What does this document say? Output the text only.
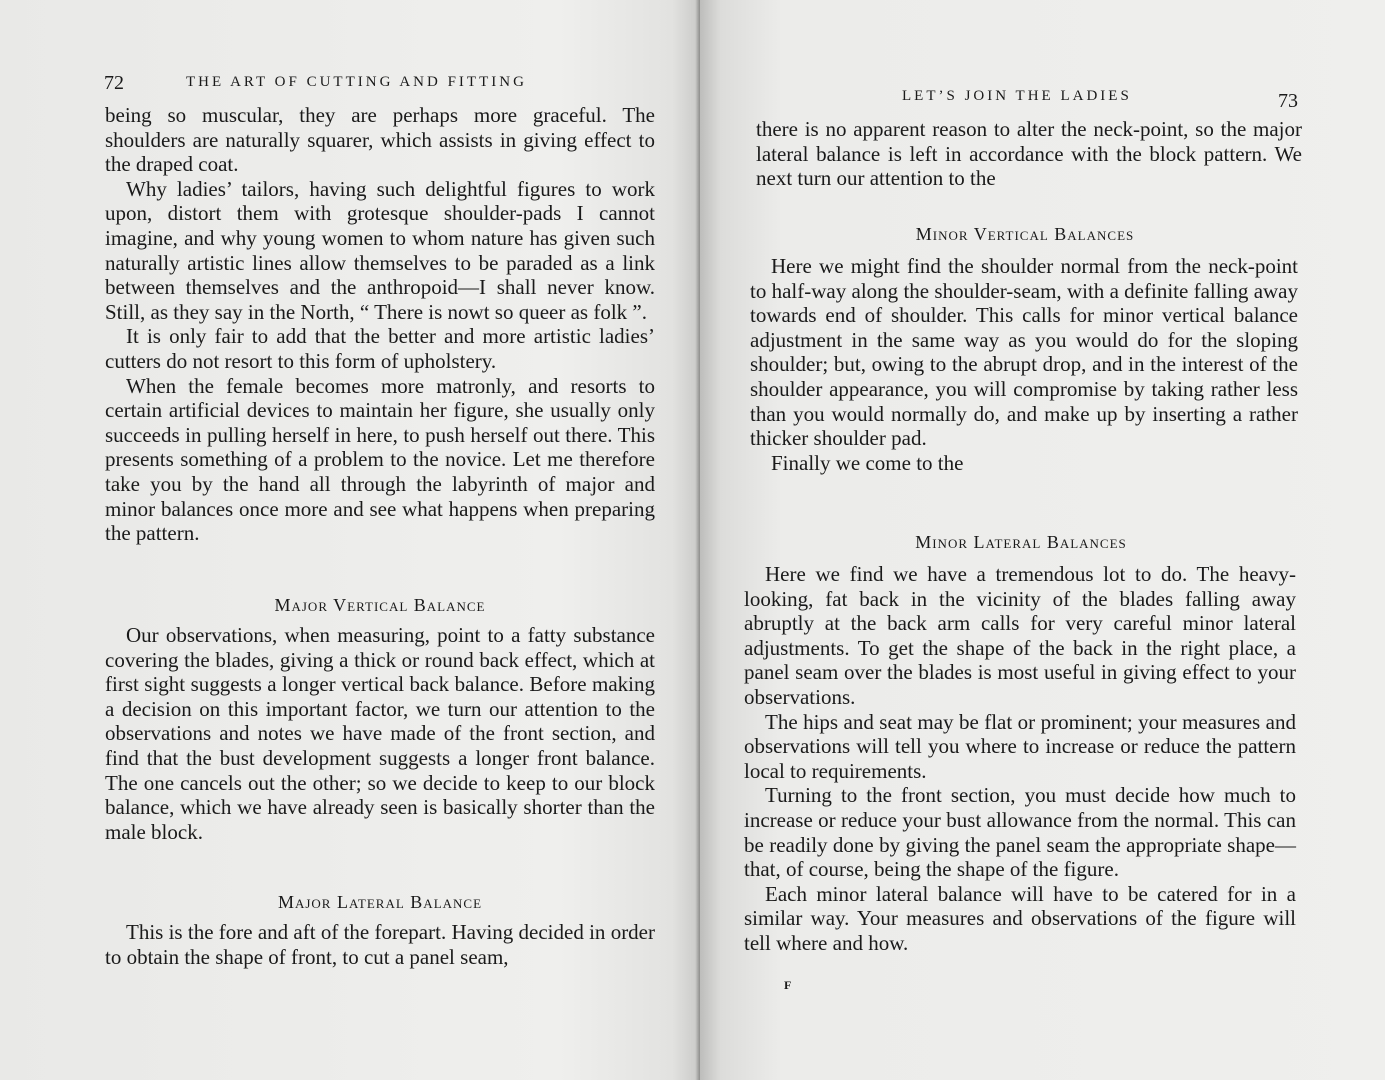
72	THE ART OF CUTTING AND FITTING

being so muscular, they are perhaps more graceful. The shoulders are naturally squarer, which assists in giving effect to the draped coat.

Why ladies’ tailors, having such delightful figures to work upon, distort them with grotesque shoulder-pads I cannot imagine, and why young women to whom nature has given such naturally artistic lines allow themselves to be paraded as a link between themselves and the anthropoid—I shall never know. Still, as they say in the North, “ There is nowt so queer as folk ”.

It is only fair to add that the better and more artistic ladies’ cutters do not resort to this form of upholstery.

When the female becomes more matronly, and resorts to certain artificial devices to maintain her figure, she usually only succeeds in pulling herself in here, to push herself out there. This presents something of a problem to the novice. Let me therefore take you by the hand all through the labyrinth of major and minor balances once more and see what happens when preparing the pattern.

Major Vertical Balance

Our observations, when measuring, point to a fatty substance covering the blades, giving a thick or round back effect, which at first sight suggests a longer vertical back balance. Before making a decision on this important factor, we turn our attention to the observations and notes we have made of the front section, and find that the bust development suggests a longer front balance. The one cancels out the other; so we decide to keep to our block balance, which we have already seen is basically shorter than the male block.

Major Lateral Balance

This is the fore and aft of the forepart. Having decided in order to obtain the shape of front, to cut a panel seam,

LET’S JOIN THE LADIES	73

there is no apparent reason to alter the neck-point, so the major lateral balance is left in accordance with the block pattern. We next turn our attention to the

Minor Vertical Balances

Here we might find the shoulder normal from the neck-point to half-way along the shoulder-seam, with a definite falling away towards end of shoulder. This calls for minor vertical balance adjustment in the same way as you would do for the sloping shoulder; but, owing to the abrupt drop, and in the interest of the shoulder appearance, you will compromise by taking rather less than you would normally do, and make up by inserting a rather thicker shoulder pad.

Finally we come to the

Minor Lateral Balances

Here we find we have a tremendous lot to do. The heavy-looking, fat back in the vicinity of the blades falling away abruptly at the back arm calls for very careful minor lateral adjustments. To get the shape of the back in the right place, a panel seam over the blades is most useful in giving effect to your observations.

The hips and seat may be flat or prominent; your measures and observations will tell you where to increase or reduce the pattern local to requirements.

Turning to the front section, you must decide how much to increase or reduce your bust allowance from the normal. This can be readily done by giving the panel seam the appropriate shape—that, of course, being the shape of the figure.

Each minor lateral balance will have to be catered for in a similar way. Your measures and observations of the figure will tell where and how.

F
